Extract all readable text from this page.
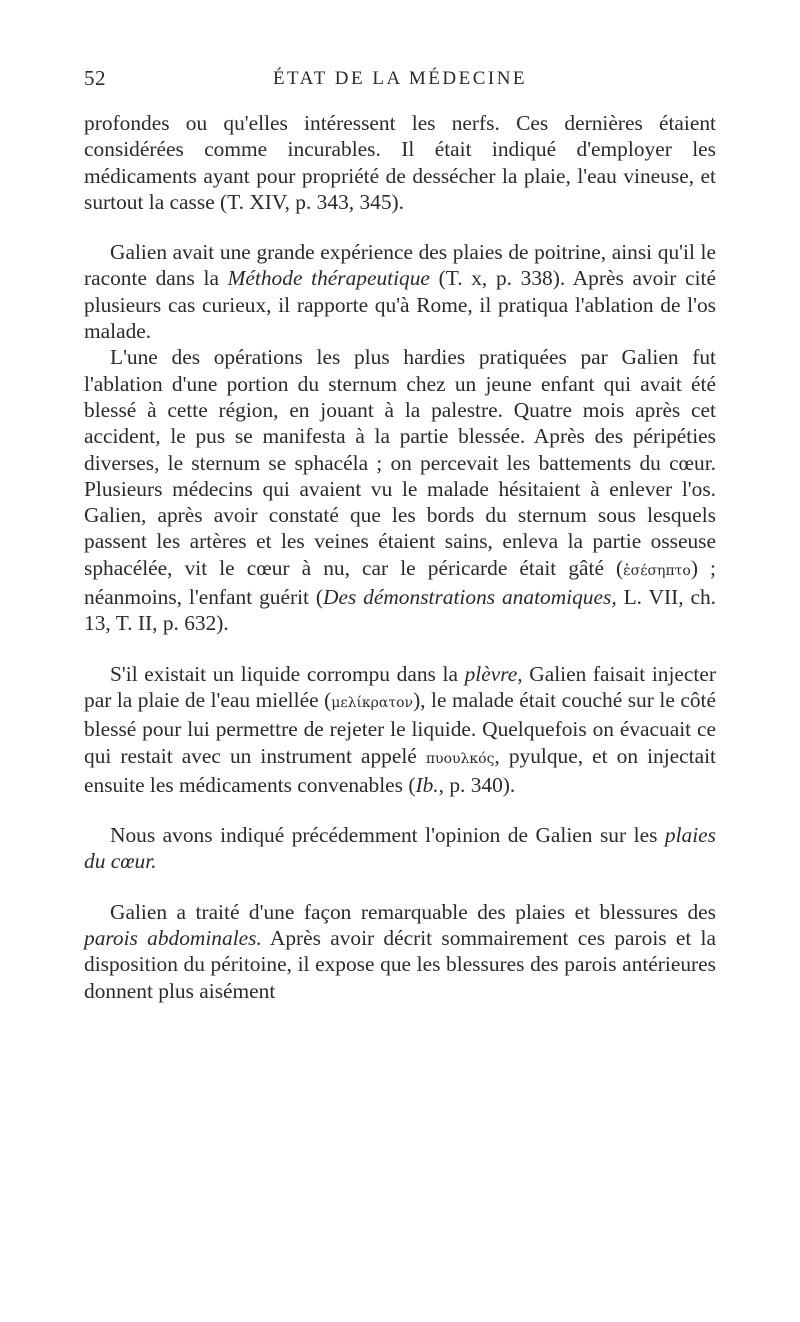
52	ÉTAT DE LA MÉDECINE

profondes ou qu'elles intéressent les nerfs. Ces dernières étaient considérées comme incurables. Il était indiqué d'employer les médicaments ayant pour propriété de dessécher la plaie, l'eau vineuse, et surtout la casse (T. XIV, p. 343, 345).

Galien avait une grande expérience des plaies de poitrine, ainsi qu'il le raconte dans la Méthode thérapeutique (T. x, p. 338). Après avoir cité plusieurs cas curieux, il rapporte qu'à Rome, il pratiqua l'ablation de l'os malade.

L'une des opérations les plus hardies pratiquées par Galien fut l'ablation d'une portion du sternum chez un jeune enfant qui avait été blessé à cette région, en jouant à la palestre. Quatre mois après cet accident, le pus se manifesta à la partie blessée. Après des péripéties diverses, le sternum se sphacéla ; on percevait les battements du cœur. Plusieurs médecins qui avaient vu le malade hésitaient à enlever l'os. Galien, après avoir constaté que les bords du sternum sous lesquels passent les artères et les veines étaient sains, enleva la partie osseuse sphacélée, vit le cœur à nu, car le péricarde était gâté (ἐσέσηπτο) ; néanmoins, l'enfant guérit (Des démonstrations anatomiques, L. VII, ch. 13, T. II, p. 632).

S'il existait un liquide corrompu dans la plèvre, Galien faisait injecter par la plaie de l'eau miellée (μελίκρατον), le malade était couché sur le côté blessé pour lui permettre de rejeter le liquide. Quelquefois on évacuait ce qui restait avec un instrument appelé πυουλκός, pyulque, et on injectait ensuite les médicaments convenables (Ib., p. 340).

Nous avons indiqué précédemment l'opinion de Galien sur les plaies du cœur.

Galien a traité d'une façon remarquable des plaies et blessures des parois abdominales. Après avoir décrit sommairement ces parois et la disposition du péritoine, il expose que les blessures des parois antérieures donnent plus aisément
